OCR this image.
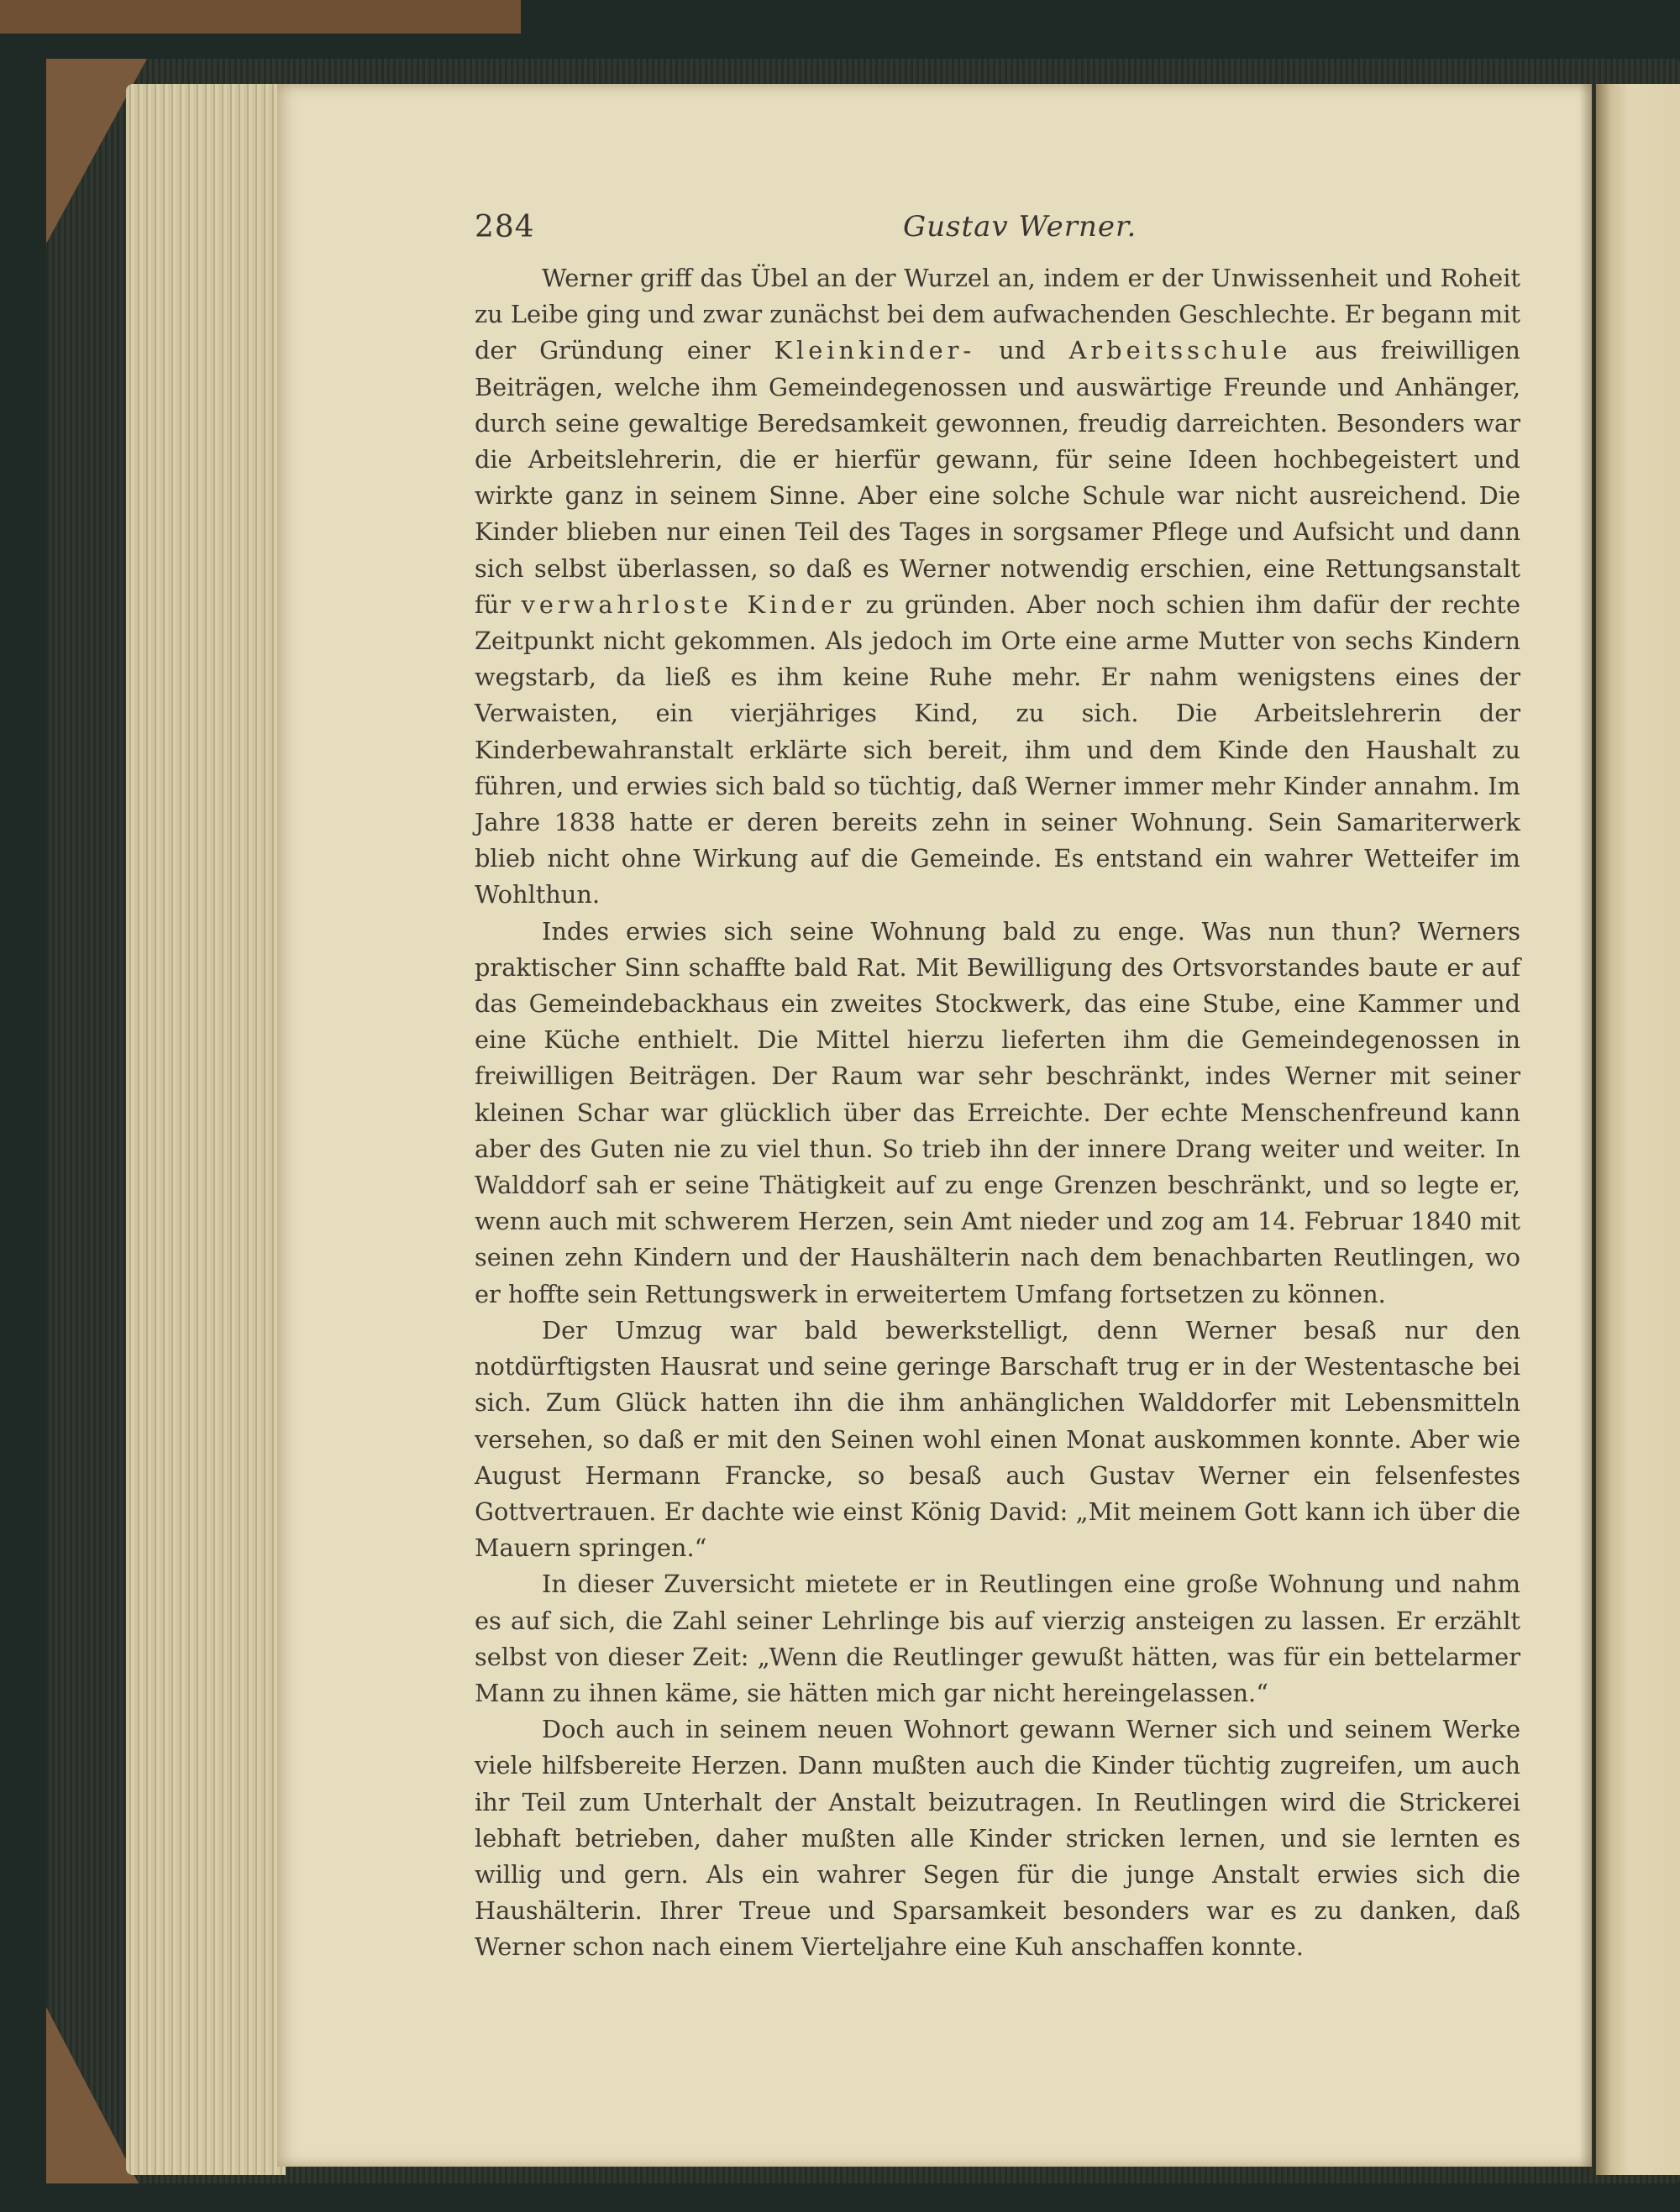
284	Gustav Werner.

Werner griff das Übel an der Wurzel an, indem er der Unwissenheit und Roheit zu Leibe ging und zwar zunächst bei dem aufwachenden Geschlechte. Er begann mit der Gründung einer Kleinkinder- und Arbeitsschule aus freiwilligen Beiträgen, welche ihm Gemeindegenossen und auswärtige Freunde und Anhänger, durch seine gewaltige Beredsamkeit gewonnen, freudig darreichten. Besonders war die Arbeitslehrerin, die er hierfür gewann, für seine Ideen hochbegeistert und wirkte ganz in seinem Sinne. Aber eine solche Schule war nicht ausreichend. Die Kinder blieben nur einen Teil des Tages in sorgsamer Pflege und Aufsicht und dann sich selbst überlassen, so daß es Werner notwendig erschien, eine Rettungsanstalt für verwahrloste Kinder zu gründen. Aber noch schien ihm dafür der rechte Zeitpunkt nicht gekommen. Als jedoch im Orte eine arme Mutter von sechs Kindern wegstarb, da ließ es ihm keine Ruhe mehr. Er nahm wenigstens eines der Verwaisten, ein vierjähriges Kind, zu sich. Die Arbeitslehrerin der Kinderbewahranstalt erklärte sich bereit, ihm und dem Kinde den Haushalt zu führen, und erwies sich bald so tüchtig, daß Werner immer mehr Kinder annahm. Im Jahre 1838 hatte er deren bereits zehn in seiner Wohnung. Sein Samariterwerk blieb nicht ohne Wirkung auf die Gemeinde. Es entstand ein wahrer Wetteifer im Wohlthun.

Indes erwies sich seine Wohnung bald zu enge. Was nun thun? Werners praktischer Sinn schaffte bald Rat. Mit Bewilligung des Ortsvorstandes baute er auf das Gemeindebackhaus ein zweites Stockwerk, das eine Stube, eine Kammer und eine Küche enthielt. Die Mittel hierzu lieferten ihm die Gemeindegenossen in freiwilligen Beiträgen. Der Raum war sehr beschränkt, indes Werner mit seiner kleinen Schar war glücklich über das Erreichte. Der echte Menschenfreund kann aber des Guten nie zu viel thun. So trieb ihn der innere Drang weiter und weiter. In Walddorf sah er seine Thätigkeit auf zu enge Grenzen beschränkt, und so legte er, wenn auch mit schwerem Herzen, sein Amt nieder und zog am 14. Februar 1840 mit seinen zehn Kindern und der Haushälterin nach dem benachbarten Reutlingen, wo er hoffte sein Rettungswerk in erweitertem Umfang fortsetzen zu können.

Der Umzug war bald bewerkstelligt, denn Werner besaß nur den notdürftigsten Hausrat und seine geringe Barschaft trug er in der Westentasche bei sich. Zum Glück hatten ihn die ihm anhänglichen Walddorfer mit Lebensmitteln versehen, so daß er mit den Seinen wohl einen Monat auskommen konnte. Aber wie August Hermann Francke, so besaß auch Gustav Werner ein felsenfestes Gottvertrauen. Er dachte wie einst König David: „Mit meinem Gott kann ich über die Mauern springen.“

In dieser Zuversicht mietete er in Reutlingen eine große Wohnung und nahm es auf sich, die Zahl seiner Lehrlinge bis auf vierzig ansteigen zu lassen. Er erzählt selbst von dieser Zeit: „Wenn die Reutlinger gewußt hätten, was für ein bettelarmer Mann zu ihnen käme, sie hätten mich gar nicht hereingelassen.“

Doch auch in seinem neuen Wohnort gewann Werner sich und seinem Werke viele hilfsbereite Herzen. Dann mußten auch die Kinder tüchtig zugreifen, um auch ihr Teil zum Unterhalt der Anstalt beizutragen. In Reutlingen wird die Strickerei lebhaft betrieben, daher mußten alle Kinder stricken lernen, und sie lernten es willig und gern. Als ein wahrer Segen für die junge Anstalt erwies sich die Haushälterin. Ihrer Treue und Sparsamkeit besonders war es zu danken, daß Werner schon nach einem Vierteljahre eine Kuh anschaffen konnte.
